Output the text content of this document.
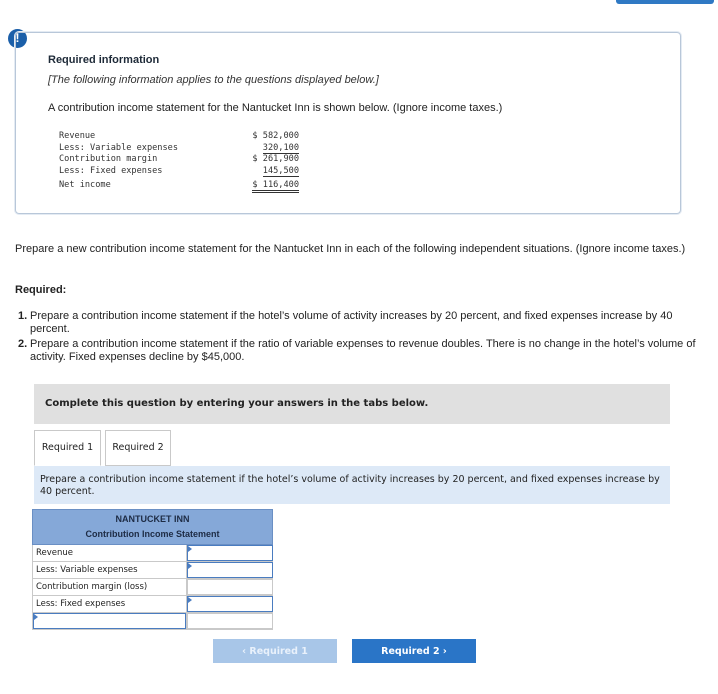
!
Required information
[The following information applies to the questions displayed below.]
A contribution income statement for the Nantucket Inn is shown below. (Ignore income taxes.)
Revenue	$ 582,000
Less: Variable expenses	320,100
Contribution margin	$ 261,900
Less: Fixed expenses	145,500
Net income	$ 116,400
Prepare a new contribution income statement for the Nantucket Inn in each of the following independent situations. (Ignore income taxes.)
Required:
1. Prepare a contribution income statement if the hotel’s volume of activity increases by 20 percent, and fixed expenses increase by 40 percent.
2. Prepare a contribution income statement if the ratio of variable expenses to revenue doubles. There is no change in the hotel’s volume of activity. Fixed expenses decline by $45,000.
Complete this question by entering your answers in the tabs below.
Required 1	Required 2
Prepare a contribution income statement if the hotel’s volume of activity increases by 20 percent, and fixed expenses increase by 40 percent.
NANTUCKET INN
Contribution Income Statement
Revenue
Less: Variable expenses
Contribution margin (loss)
Less: Fixed expenses
‹ Required 1	Required 2 ›
